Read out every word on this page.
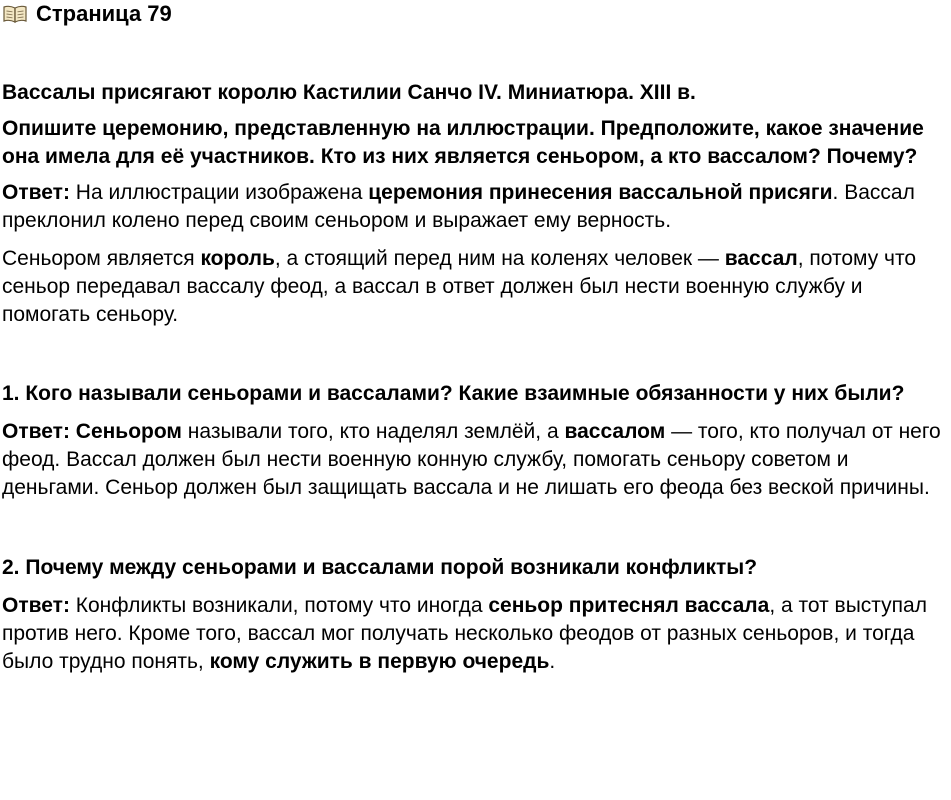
Страница 79
Вассалы присягают королю Кастилии Санчо IV. Миниатюра. XIII в.
Опишите церемонию, представленную на иллюстрации. Предположите, какое значение она имела для её участников. Кто из них является сеньором, а кто вассалом? Почему?
Ответ: На иллюстрации изображена церемония принесения вассальной присяги. Вассал преклонил колено перед своим сеньором и выражает ему верность.
Сеньором является король, а стоящий перед ним на коленях человек — вассал, потому что сеньор передавал вассалу феод, а вассал в ответ должен был нести военную службу и помогать сеньору.
1. Кого называли сеньорами и вассалами? Какие взаимные обязанности у них были?
Ответ: Сеньором называли того, кто наделял землёй, а вассалом — того, кто получал от него феод. Вассал должен был нести военную конную службу, помогать сеньору советом и деньгами. Сеньор должен был защищать вассала и не лишать его феода без веской причины.
2. Почему между сеньорами и вассалами порой возникали конфликты?
Ответ: Конфликты возникали, потому что иногда сеньор притеснял вассала, а тот выступал против него. Кроме того, вассал мог получать несколько феодов от разных сеньоров, и тогда было трудно понять, кому служить в первую очередь.
